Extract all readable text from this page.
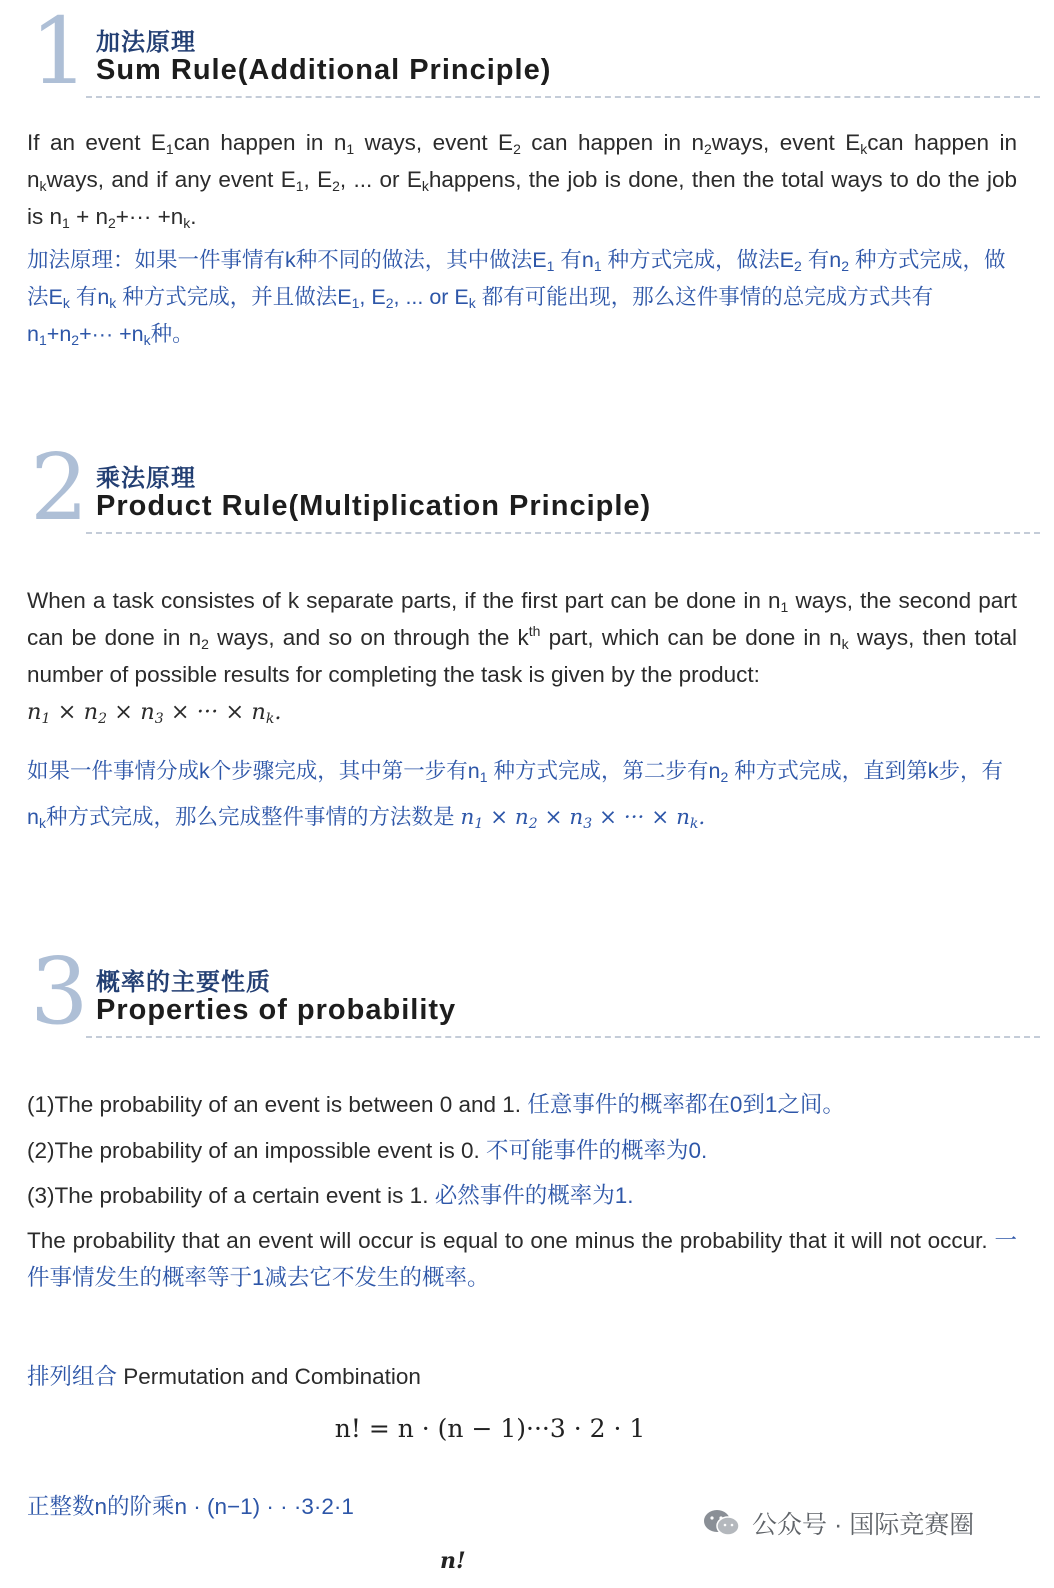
1 加法原理
Sum Rule(Additional Principle)

If an event $E_1can$ happen in $n_1$ ways, event $E_2$ can happen in $n_2ways$, event $E_kcan$ happen in $n_kways$, and if any event $E_1$, $E_2$, ... or $E_khappens$, the job is done, then the total ways to do the job is $n_1 + n_2+\cdot\cdot\cdot +n_k$.

加法原理：如果一件事情有k种不同的做法，其中做法$E_1$ 有$n_1$ 种方式完成，做法$E_2$ 有$n_2$ 种方式完成，做法$E_k$ 有$n_k$ 种方式完成，并且做法$E_1$, $E_2$, ... or $E_k$ 都有可能出现，那么这件事情的总完成方式共有$n_1+n_2+\cdot\cdot\cdot +n_k$种。

2 乘法原理
Product Rule(Multiplication Principle)

When a task consistes of k separate parts, if the first part can be done in $n_1$ ways, the second part can be done in $n_2$ ways, and so on through the $k^{th}$ part, which can be done in $n_k$ ways, then total number of possible results for completing the task is given by the product:
$n_1 \times n_2 \times n_3$ × ··· × $n_k$.

如果一件事情分成k个步骤完成，其中第一步有$n_1$ 种方式完成，第二步有$n_2$ 种方式完成，直到第k步，有$n_k$种方式完成，那么完成整件事情的方法数是 $n_1 \times n_2 \times n_3$ × ··· × $n_k$.

3 概率的主要性质
Properties of probability

(1)The probability of an event is between 0 and 1. 任意事件的概率都在0到1之间。

(2)The probability of an impossible event is 0. 不可能事件的概率为0.

(3)The probability of a certain event is 1. 必然事件的概率为1.

The probability that an event will occur is equal to one minus the probability that it will not occur. 一件事情发生的概率等于1减去它不发生的概率。

排列组合 Permutation and Combination

n! = n · (n − 1)···3 · 2 · 1

正整数n的阶乘n · (n−1) · · ·3·2·1

n!
公众号 · 国际竞赛圈
